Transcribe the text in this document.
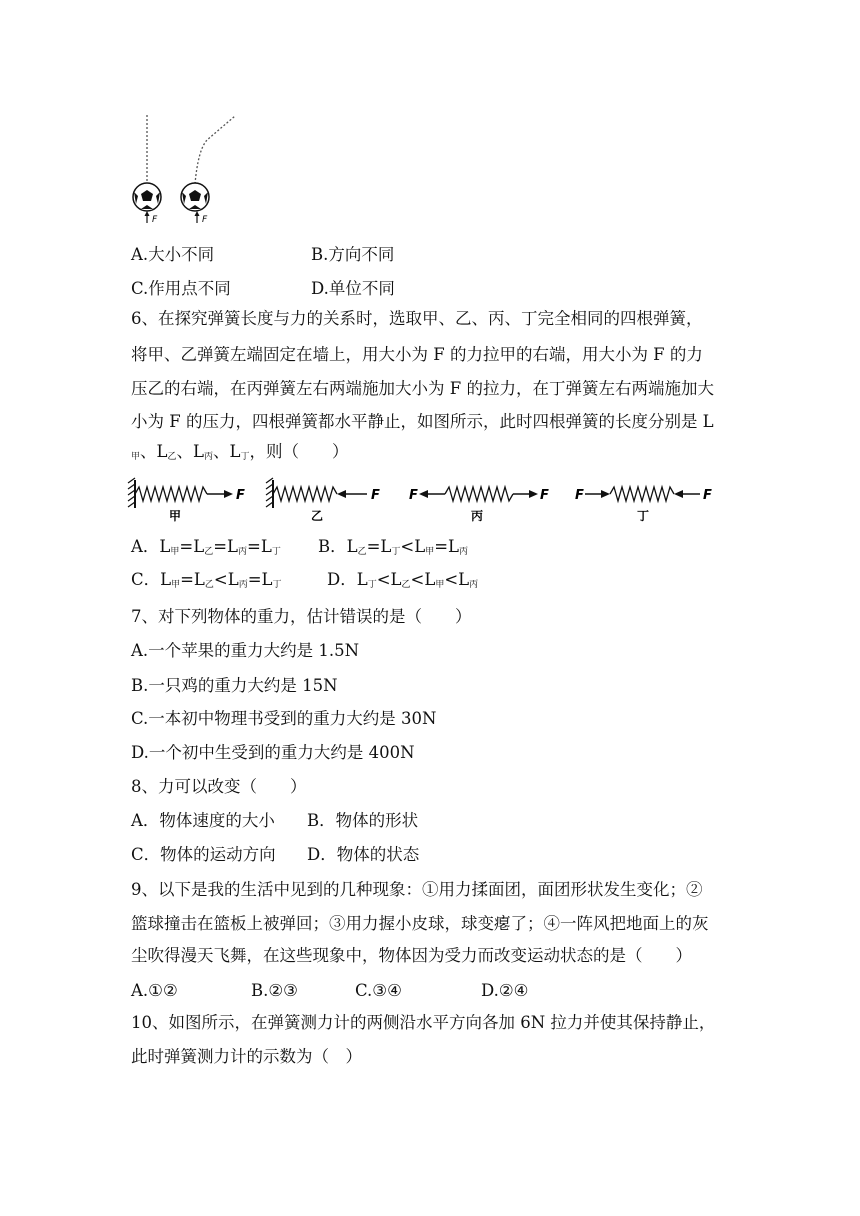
F	F
A.大小不同	B.方向不同
C.作用点不同	D.单位不同
6、在探究弹簧长度与力的关系时，选取甲、乙、丙、丁完全相同的四根弹簧，
将甲、乙弹簧左端固定在墙上，用大小为 F 的力拉甲的右端，用大小为 F 的力
压乙的右端，在丙弹簧左右两端施加大小为 F 的拉力，在丁弹簧左右两端施加大
小为 F 的压力，四根弹簧都水平静止，如图所示，此时四根弹簧的长度分别是 L
$_甲$、$L_乙$、$L_丙$、$L_丁$，则（　　）
F
甲
F
乙
F	F
丙
F	F
丁
A．$L_甲=L_乙=L_丙=L_丁$ B．$L_乙=L_丁<L_甲=L_丙$
C．$L_甲=L_乙<L_丙=L_丁$	D．$L_丁<L_乙<L_甲<L_丙$
7、对下列物体的重力，估计错误的是（　　）
A.一个苹果的重力大约是 1.5N
B.一只鸡的重力大约是 15N
C.一本初中物理书受到的重力大约是 30N
D.一个初中生受到的重力大约是 400N
8、力可以改变（　　）
A．物体速度的大小 B．物体的形状
C．物体的运动方向 D．物体的状态
9、以下是我的生活中见到的几种现象：①用力揉面团，面团形状发生变化；②
篮球撞击在篮板上被弹回；③用力握小皮球，球变瘪了；④一阵风把地面上的灰
尘吹得漫天飞舞，在这些现象中，物体因为受力而改变运动状态的是（　　）
A.①②	B.②③	C.③④	D.②④
10、如图所示，在弹簧测力计的两侧沿水平方向各加 6N 拉力并使其保持静止，
此时弹簧测力计的示数为（　）
